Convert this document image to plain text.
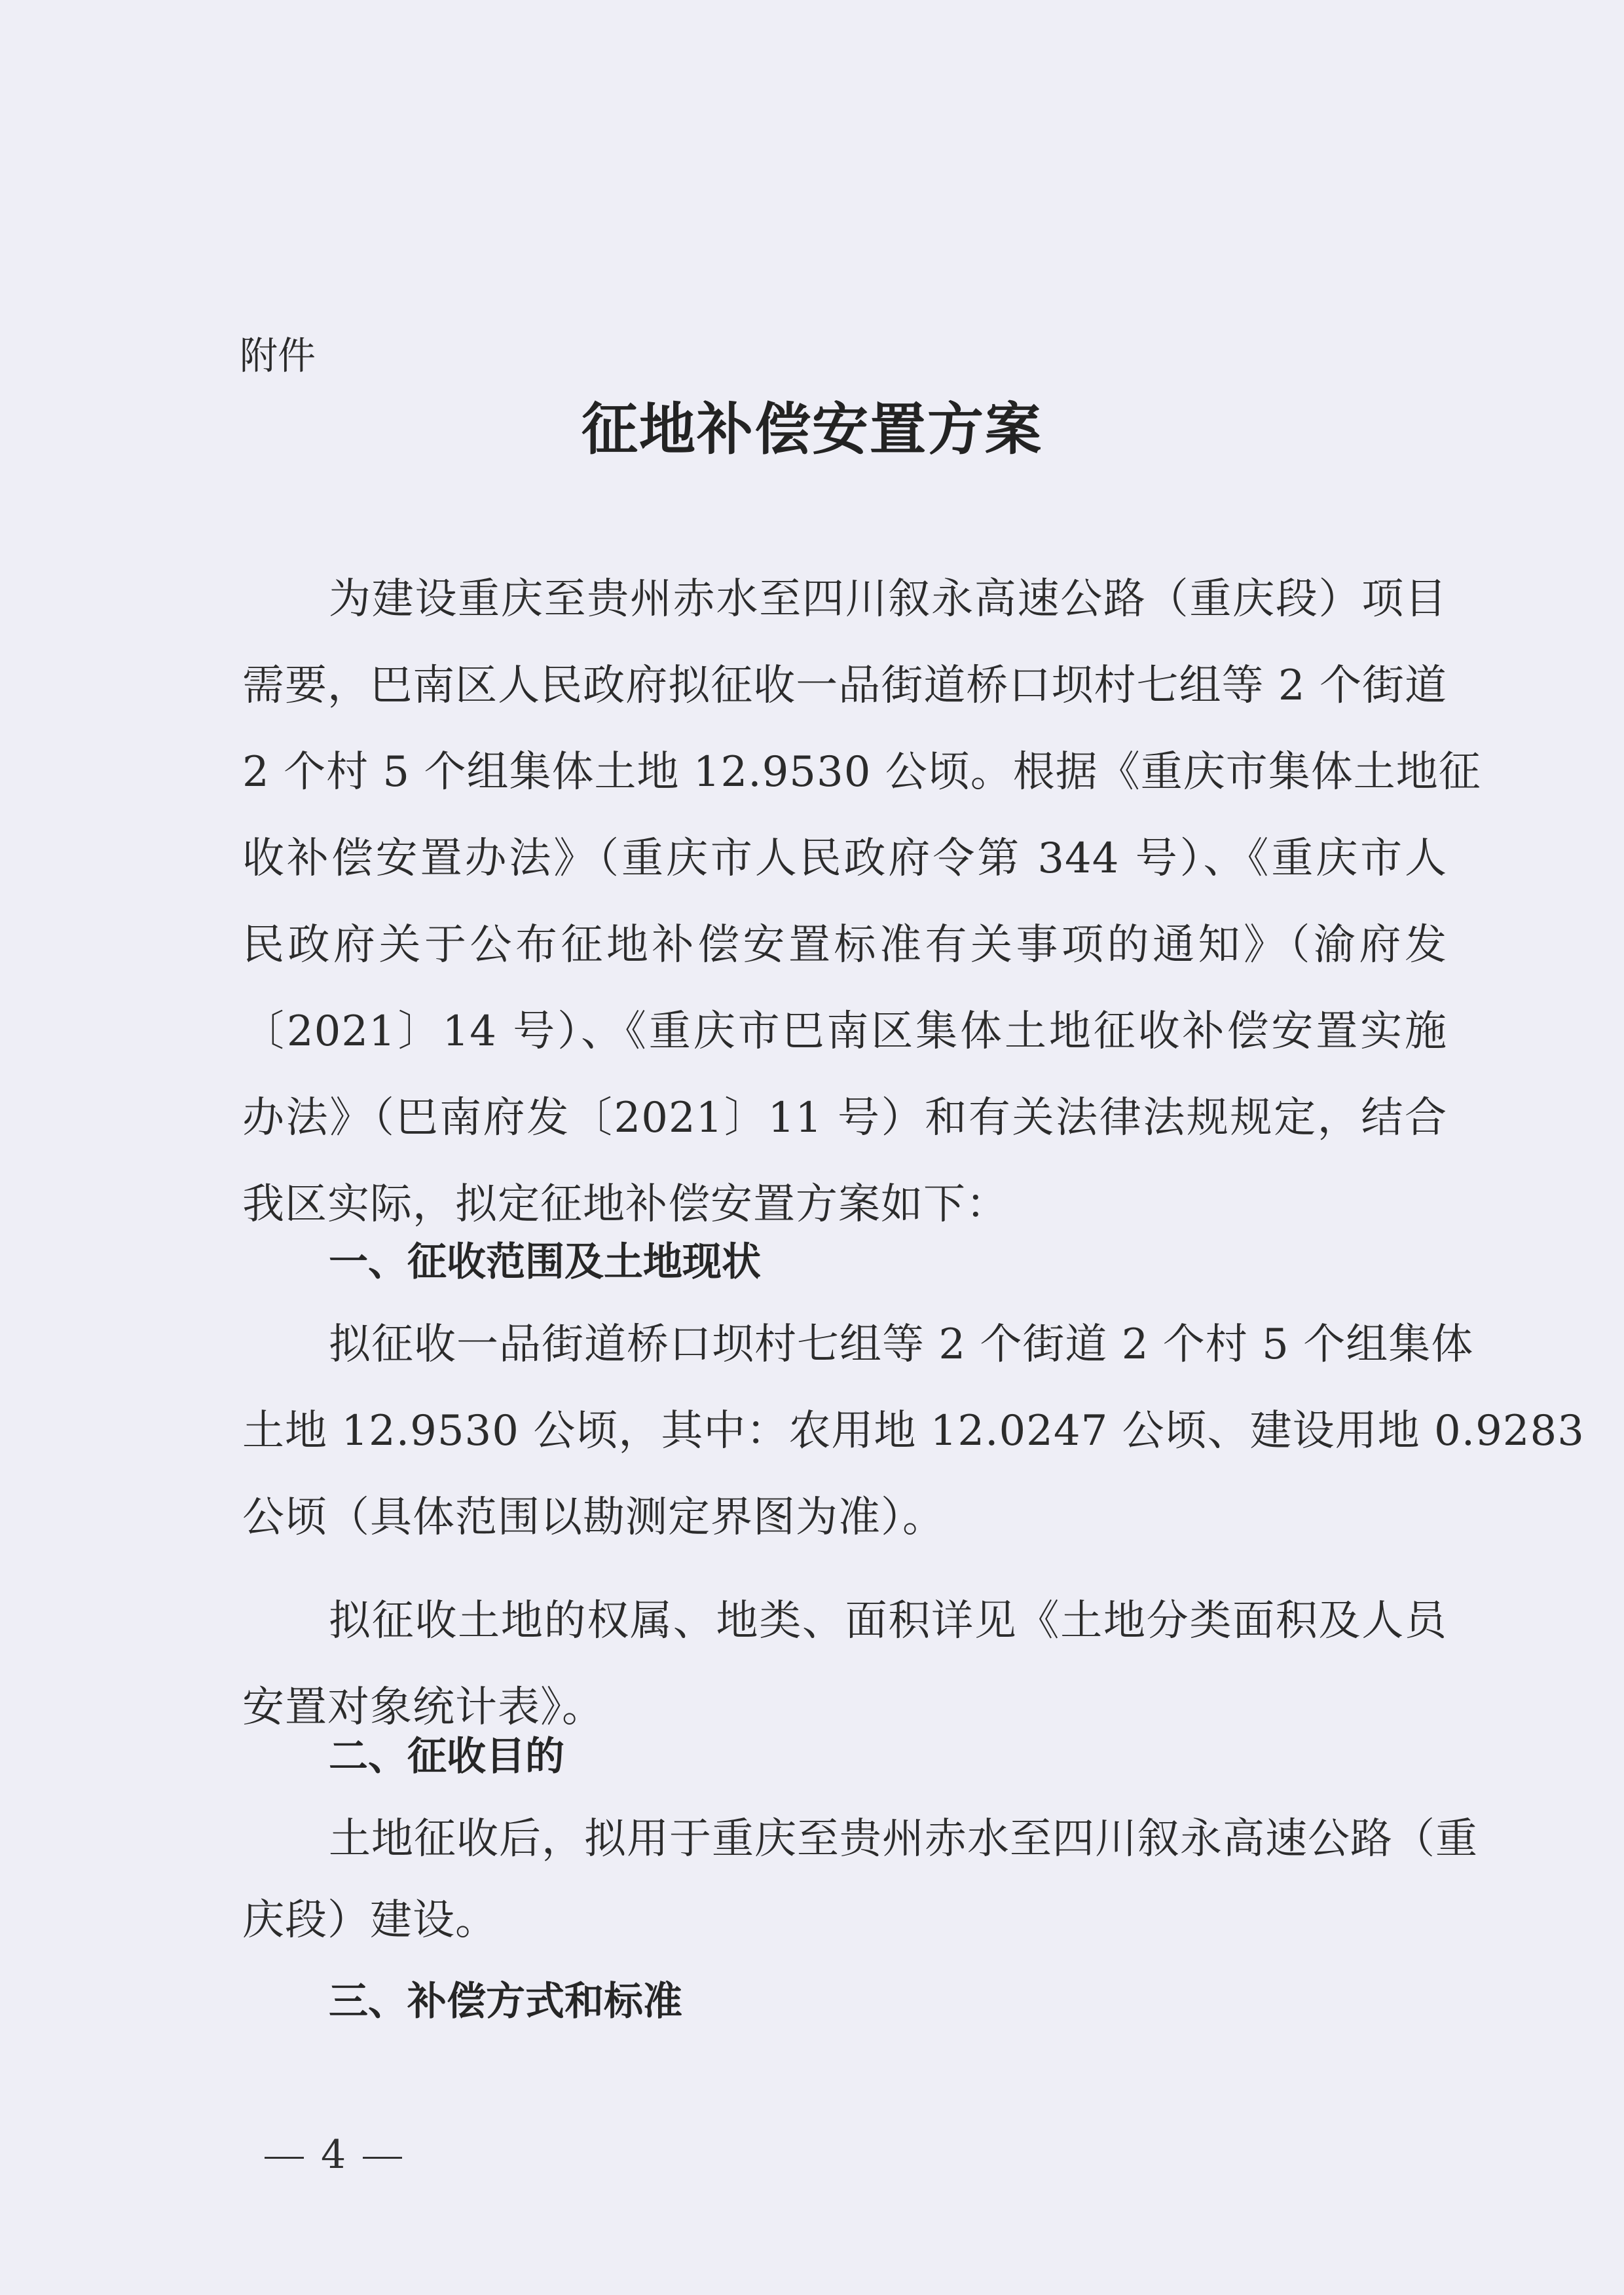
附件
征地补偿安置方案
为建设重庆至贵州赤水至四川叙永高速公路（重庆段）项目
需要，巴南区人民政府拟征收一品街道桥口坝村七组等 2 个街道
2 个村 5 个组集体土地 12.9530 公顷。根据《重庆市集体土地征
收补偿安置办法》（重庆市人民政府令第 344 号）、《重庆市人
民政府关于公布征地补偿安置标准有关事项的通知》（渝府发
〔2021〕14 号）、《重庆市巴南区集体土地征收补偿安置实施
办法》（巴南府发〔2021〕11 号）和有关法律法规规定，结合
我区实际，拟定征地补偿安置方案如下：
一、征收范围及土地现状
拟征收一品街道桥口坝村七组等 2 个街道 2 个村 5 个组集体
土地 12.9530 公顷，其中：农用地 12.0247 公顷、建设用地 0.9283
公顷（具体范围以勘测定界图为准）。
拟征收土地的权属、地类、面积详见《土地分类面积及人员
安置对象统计表》。
二、征收目的
土地征收后，拟用于重庆至贵州赤水至四川叙永高速公路（重
庆段）建设。
三、补偿方式和标准
4
